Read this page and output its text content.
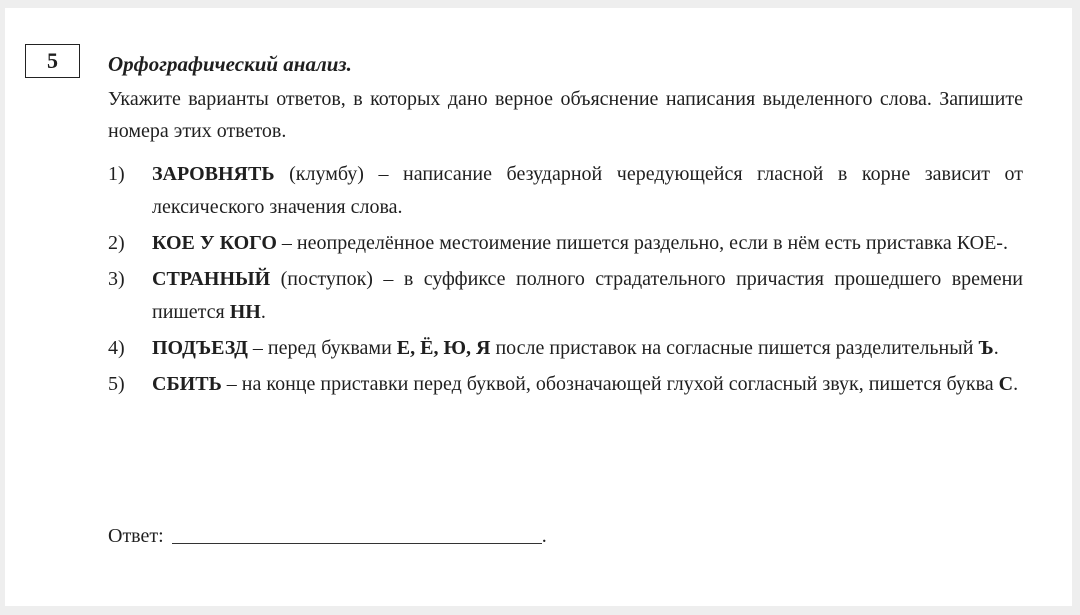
5	Орфографический анализ.
Укажите варианты ответов, в которых дано верное объяснение написания выделенного слова. Запишите номера этих ответов.
1) ЗАРОВНЯТЬ (клумбу) – написание безударной чередующейся гласной в корне зависит от лексического значения слова.
2) КОЕ У КОГО – неопределённое местоимение пишется раздельно, если в нём есть приставка КОЕ-.
3) СТРАННЫЙ (поступок) – в суффиксе полного страдательного причастия прошедшего времени пишется НН.
4) ПОДЪЕЗД – перед буквами Е, Ё, Ю, Я после приставок на согласные пишется разделительный Ъ.
5) СБИТЬ – на конце приставки перед буквой, обозначающей глухой согласный звук, пишется буква С.
Ответ:	.
